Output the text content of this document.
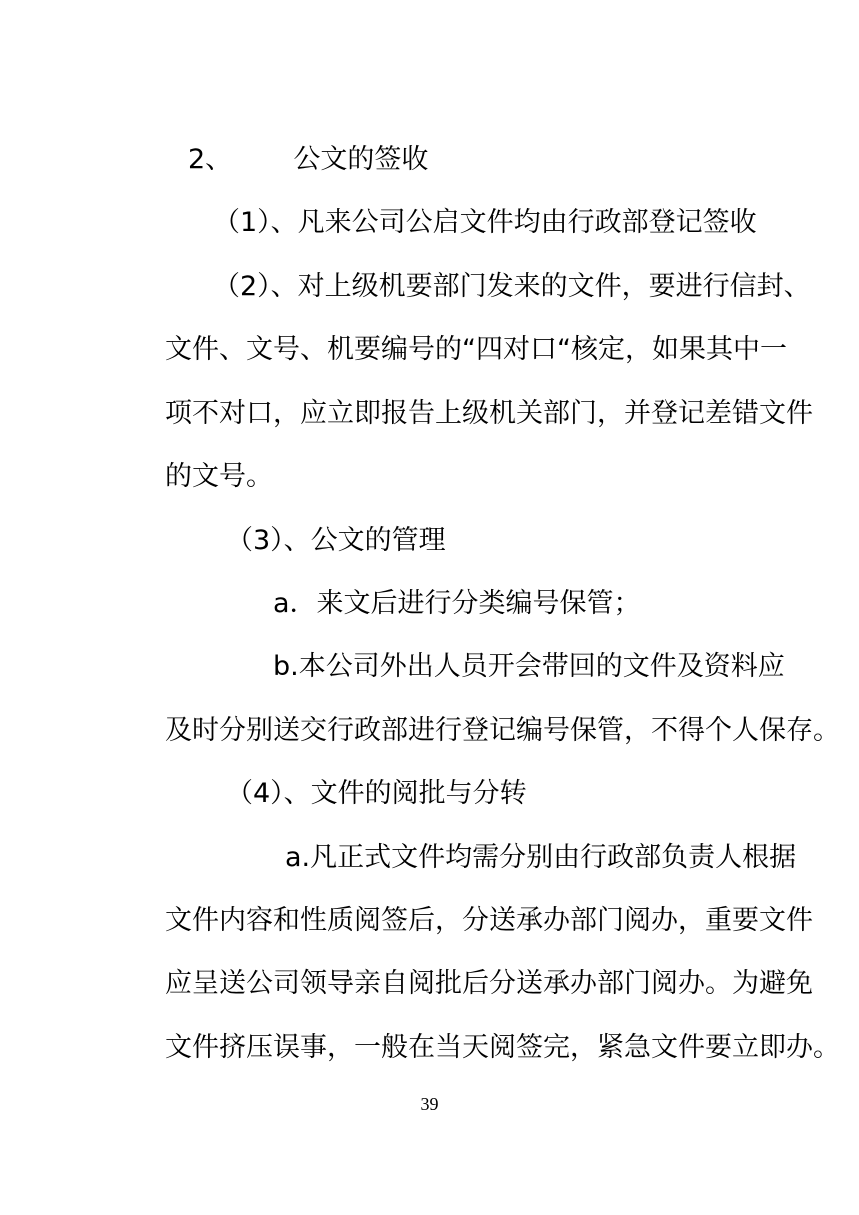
2、 公文的签收
（1）、凡来公司公启文件均由行政部登记签收
（2）、对上级机要部门发来的文件，要进行信封、
文件、文号、机要编号的“四对口“核定，如果其中一
项不对口，应立即报告上级机关部门，并登记差错文件
的文号。
（3）、公文的管理
a．来文后进行分类编号保管；
b.本公司外出人员开会带回的文件及资料应
及时分别送交行政部进行登记编号保管，不得个人保存。
（4）、文件的阅批与分转
a.凡正式文件均需分别由行政部负责人根据
文件内容和性质阅签后，分送承办部门阅办，重要文件
应呈送公司领导亲自阅批后分送承办部门阅办。为避免
文件挤压误事，一般在当天阅签完，紧急文件要立即办。
39
